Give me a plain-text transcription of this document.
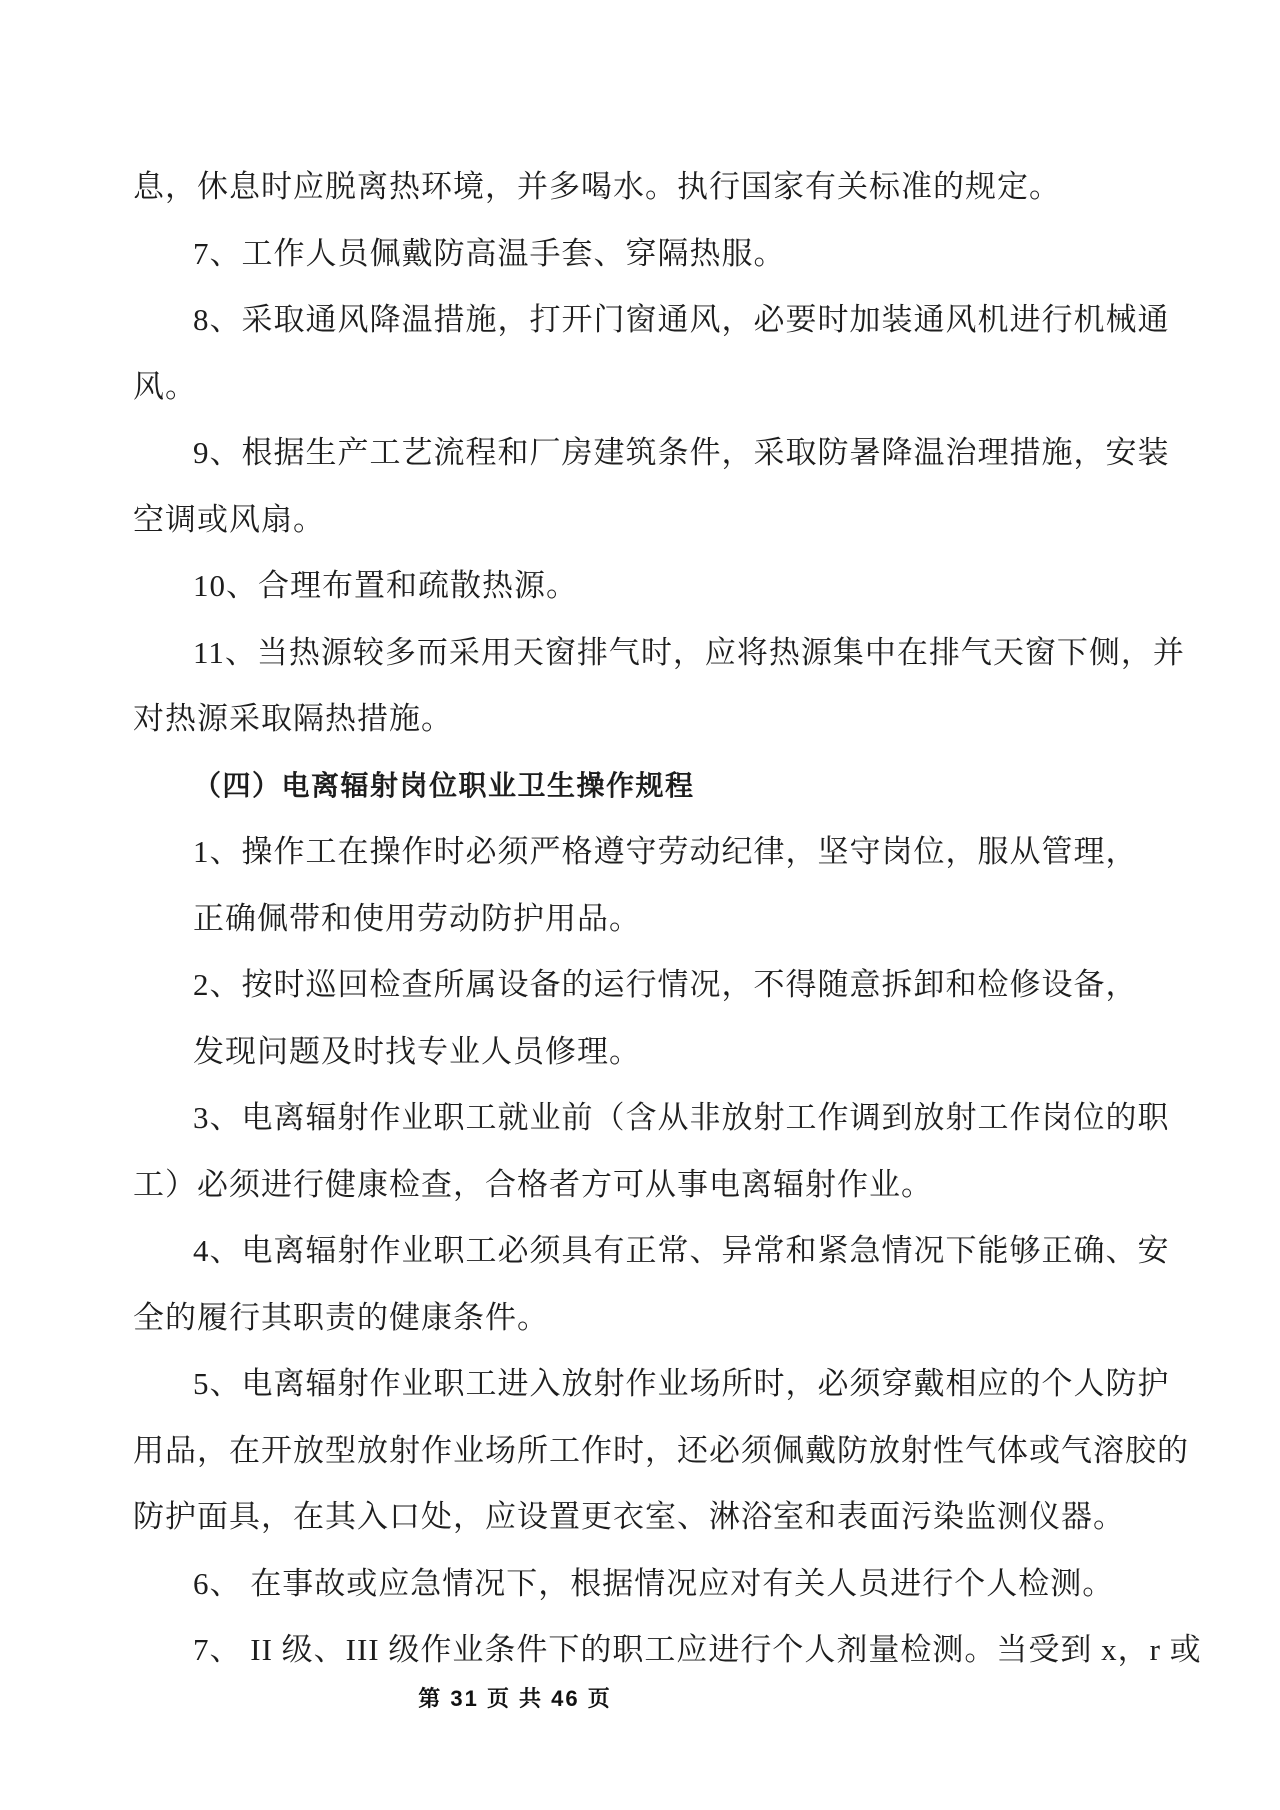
息，休息时应脱离热环境，并多喝水。执行国家有关标准的规定。
7、工作人员佩戴防高温手套、穿隔热服。
8、采取通风降温措施，打开门窗通风，必要时加装通风机进行机械通
风。
9、根据生产工艺流程和厂房建筑条件，采取防暑降温治理措施，安装
空调或风扇。
10、合理布置和疏散热源。
11、当热源较多而采用天窗排气时，应将热源集中在排气天窗下侧，并
对热源采取隔热措施。
（四）电离辐射岗位职业卫生操作规程
1、操作工在操作时必须严格遵守劳动纪律，坚守岗位，服从管理，
正确佩带和使用劳动防护用品。
2、按时巡回检查所属设备的运行情况，不得随意拆卸和检修设备，
发现问题及时找专业人员修理。
3、电离辐射作业职工就业前（含从非放射工作调到放射工作岗位的职
工）必须进行健康检查，合格者方可从事电离辐射作业。
4、电离辐射作业职工必须具有正常、异常和紧急情况下能够正确、安
全的履行其职责的健康条件。
5、电离辐射作业职工进入放射作业场所时，必须穿戴相应的个人防护
用品，在开放型放射作业场所工作时，还必须佩戴防放射性气体或气溶胶的
防护面具，在其入口处，应设置更衣室、淋浴室和表面污染监测仪器。
6、 在事故或应急情况下，根据情况应对有关人员进行个人检测。
7、 II 级、III 级作业条件下的职工应进行个人剂量检测。当受到 x，r 或
第 31 页 共 46 页
